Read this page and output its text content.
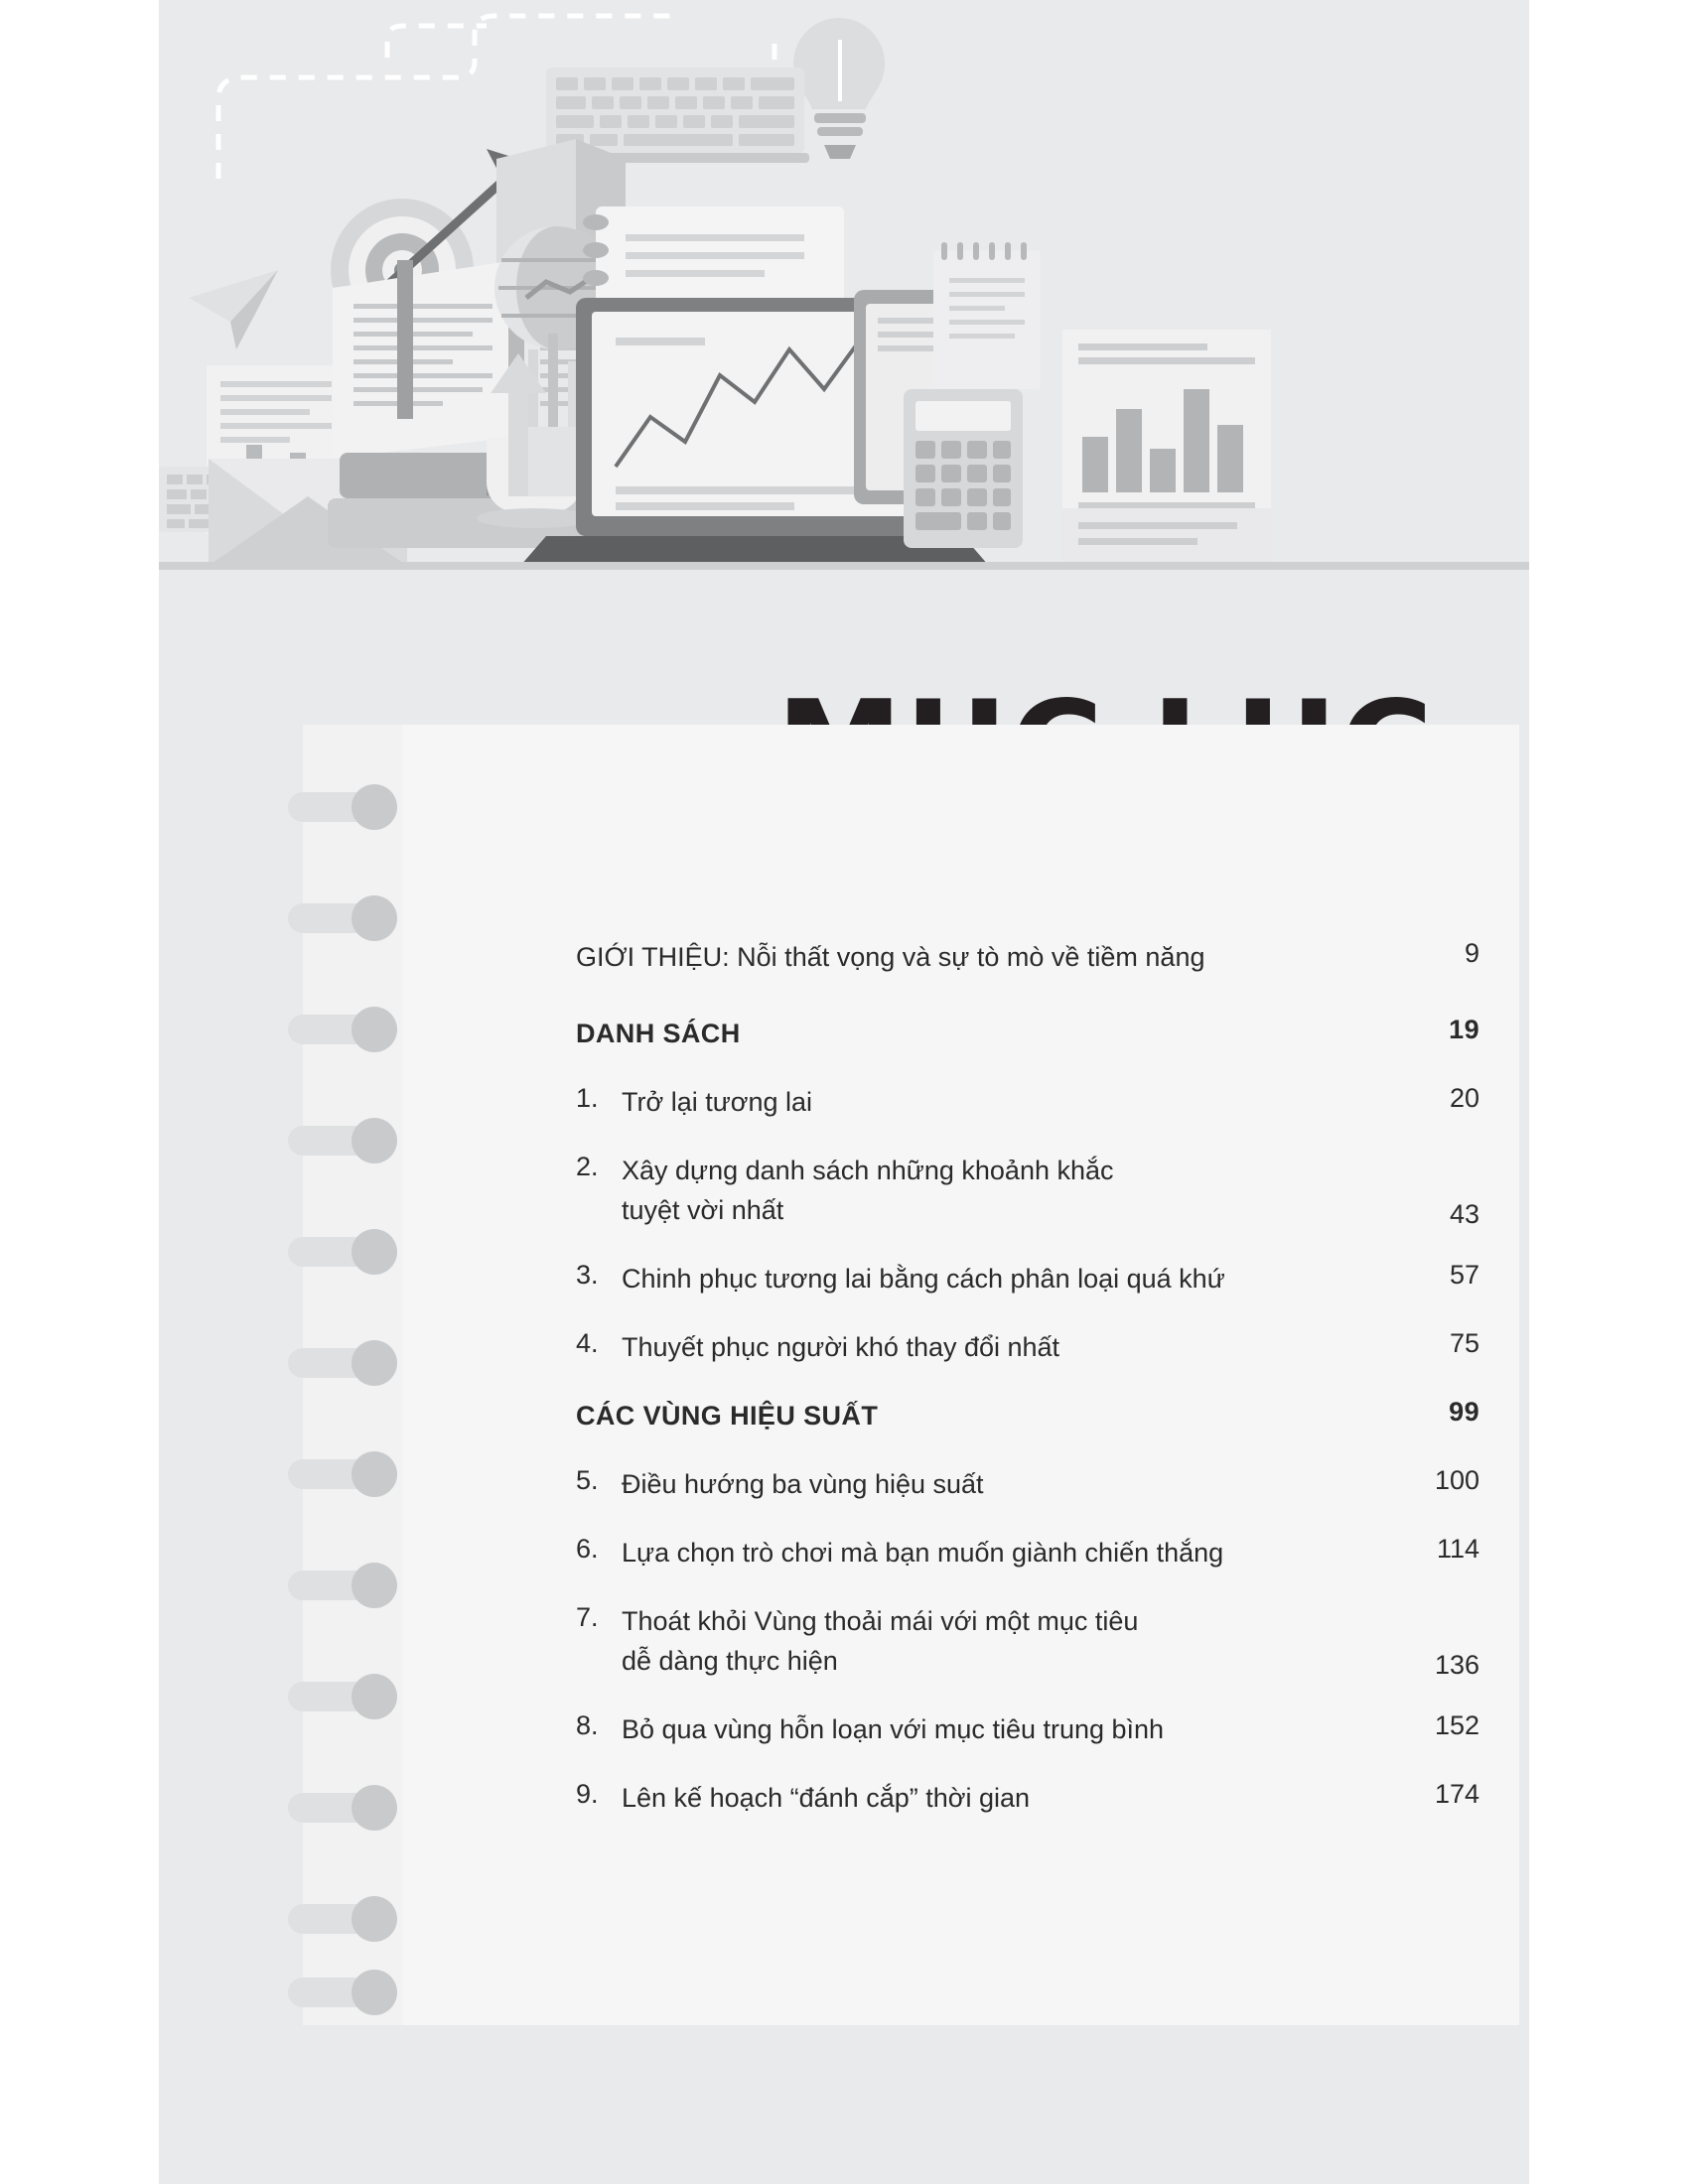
GIỚI THIỆU: Nỗi thất vọng và sự tò mò về tiềm năng	9
DANH SÁCH	19
1. Trở lại tương lai	20
2. Xây dựng danh sách những khoảnh khắc
tuyệt vời nhất	43
3. Chinh phục tương lai bằng cách phân loại quá khứ	57
4. Thuyết phục người khó thay đổi nhất	75
CÁC VÙNG HIỆU SUẤT	99
5. Điều hướng ba vùng hiệu suất	100
6. Lựa chọn trò chơi mà bạn muốn giành chiến thắng	114
7. Thoát khỏi Vùng thoải mái với một mục tiêu
dễ dàng thực hiện	136
8. Bỏ qua vùng hỗn loạn với mục tiêu trung bình	152
9. Lên kế hoạch “đánh cắp” thời gian	174
